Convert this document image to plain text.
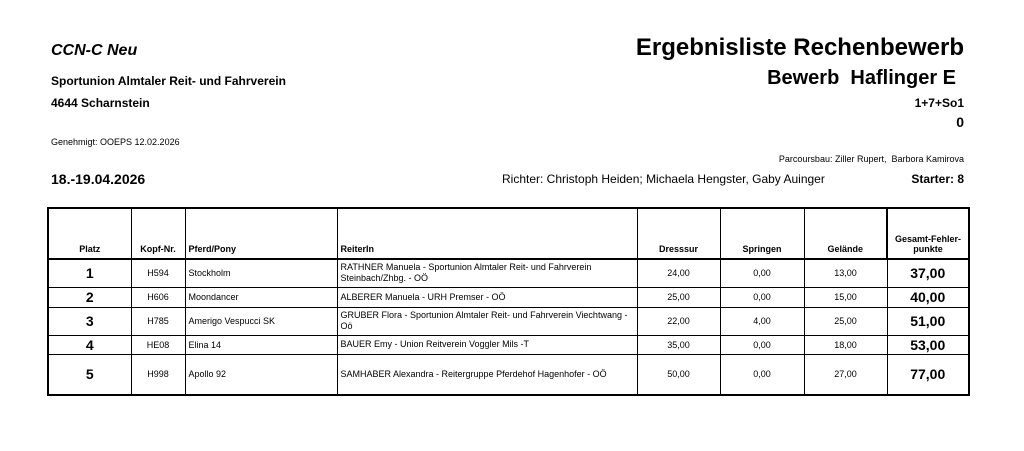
CCN-C Neu
Sportunion Almtaler Reit- und Fahrverein
4644 Scharnstein
Genehmigt: OOEPS 12.02.2026
18.-19.04.2026
Ergebnisliste Rechenbewerb
Bewerb  Haflinger E
1+7+So1
0
Parcoursbau: Ziller Rupert,  Barbora Kamirova
Richter: Christoph Heiden; Michaela Hengster, Gaby Auinger	Starter: 8
Platz	Kopf-Nr.	Pferd/Pony	ReiterIn	Dresssur	Springen	Gelände	Gesamt-Fehler-punkte
1	H594	Stockholm	RATHNER Manuela - Sportunion Almtaler Reit- und Fahrverein Steinbach/Zhbg. - OÖ	24,00	0,00	13,00	37,00
2	H606	Moondancer	ALBERER Manuela - URH Premser - OÖ	25,00	0,00	15,00	40,00
3	H785	Amerigo Vespucci SK	GRUBER Flora - Sportunion Almtaler Reit- und Fahrverein Viechtwang -Oö	22,00	4,00	25,00	51,00
4	HE08	Elina 14	BAUER Emy - Union Reitverein Voggler Mils -T	35,00	0,00	18,00	53,00
5	H998	Apollo 92	SAMHABER Alexandra - Reitergruppe Pferdehof Hagenhofer - OÖ	50,00	0,00	27,00	77,00
